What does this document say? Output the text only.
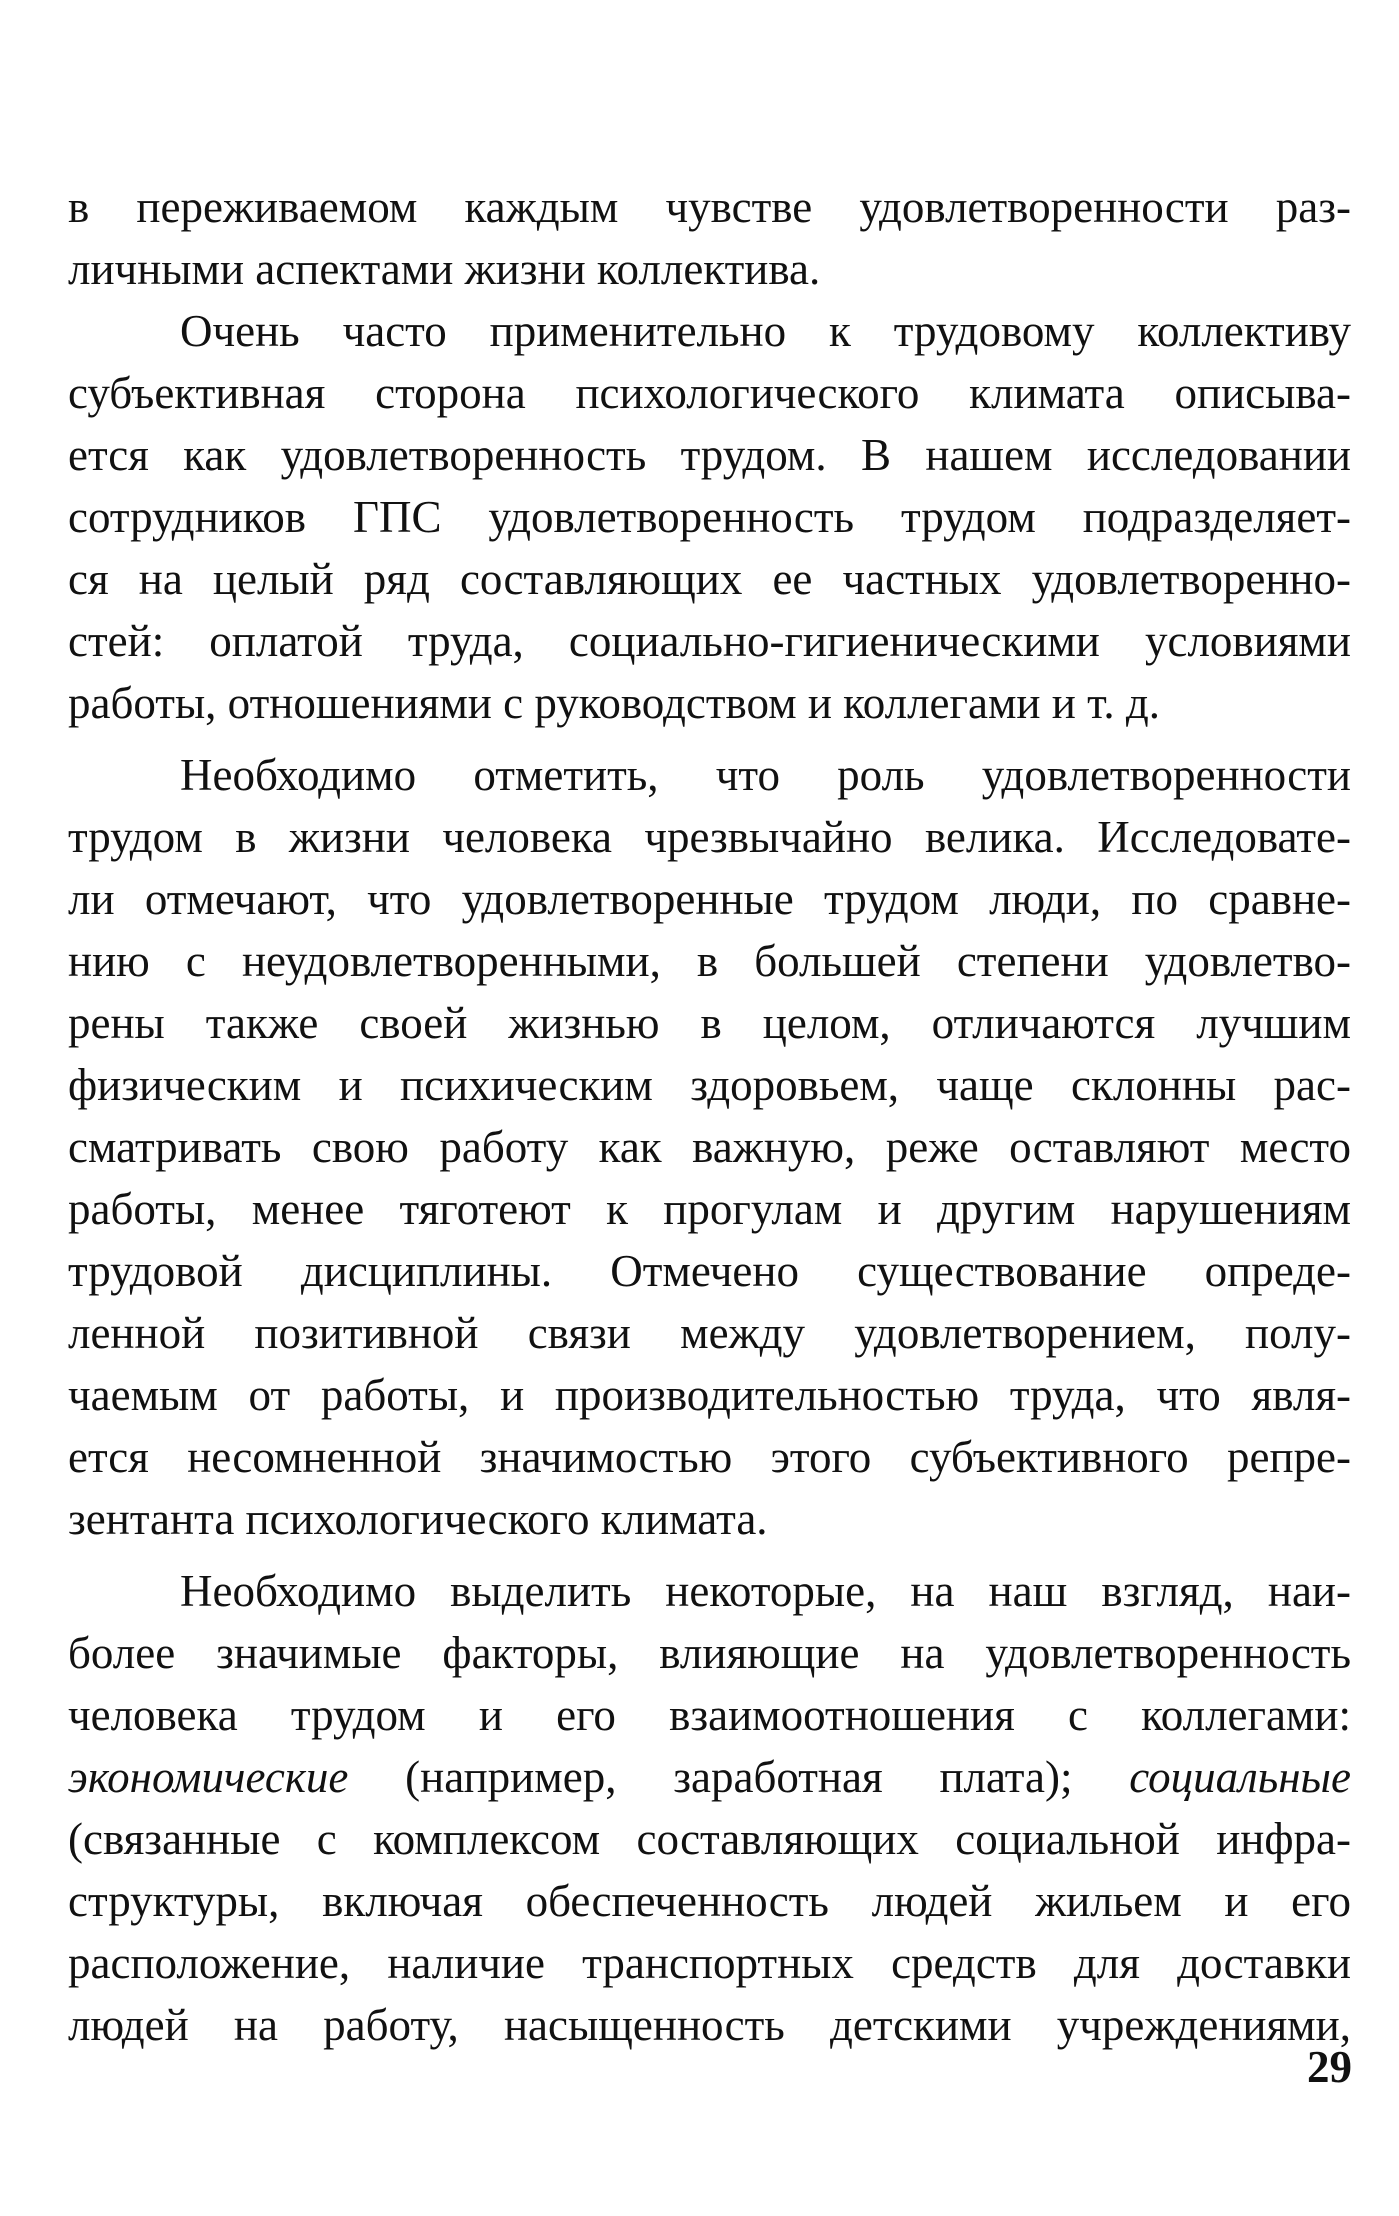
в переживаемом каждым чувстве удовлетворенности раз-
личными аспектами жизни коллектива.
Очень часто применительно к трудовому коллективу
субъективная сторона психологического климата описыва-
ется как удовлетворенность трудом. В нашем исследовании
сотрудников ГПС удовлетворенность трудом подразделяет-
ся на целый ряд составляющих ее частных удовлетворенно-
стей: оплатой труда, социально-гигиеническими условиями
работы, отношениями с руководством и коллегами и т. д.
Необходимо отметить, что роль удовлетворенности
трудом в жизни человека чрезвычайно велика. Исследовате-
ли отмечают, что удовлетворенные трудом люди, по сравне-
нию с неудовлетворенными, в большей степени удовлетво-
рены также своей жизнью в целом, отличаются лучшим
физическим и психическим здоровьем, чаще склонны рас-
сматривать свою работу как важную, реже оставляют место
работы, менее тяготеют к прогулам и другим нарушениям
трудовой дисциплины. Отмечено существование опреде-
ленной позитивной связи между удовлетворением, полу-
чаемым от работы, и производительностью труда, что явля-
ется несомненной значимостью этого субъективного репре-
зентанта психологического климата.
Необходимо выделить некоторые, на наш взгляд, наи-
более значимые факторы, влияющие на удовлетворенность
человека трудом и его взаимоотношения с коллегами:
экономические (например, заработная плата); социальные
(связанные с комплексом составляющих социальной инфра-
структуры, включая обеспеченность людей жильем и его
расположение, наличие транспортных средств для доставки
людей на работу, насыщенность детскими учреждениями,
29
